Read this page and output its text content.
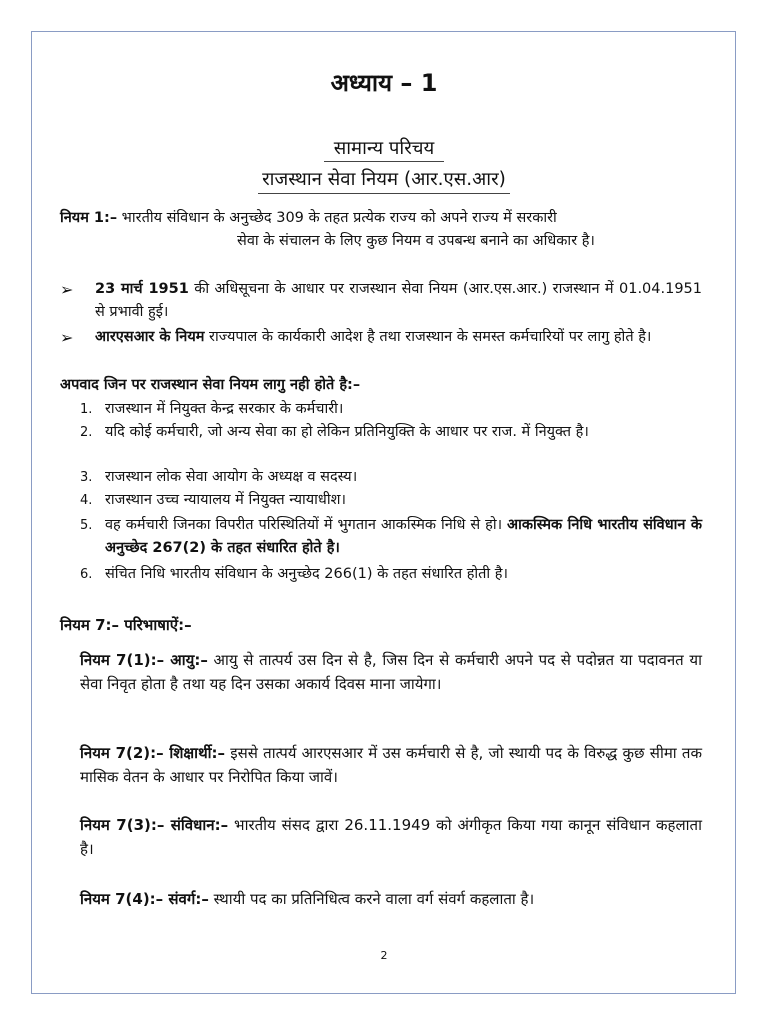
अध्याय – 1
सामान्य परिचय
राजस्थान सेवा नियम (आर.एस.आर)
नियम 1:– भारतीय संविधान के अनुच्छेद 309 के तहत प्रत्येक राज्य को अपने राज्य में सरकारी
सेवा के संचालन के लिए कुछ नियम व उपबन्ध बनाने का अधिकार है।
➢ 23 मार्च 1951 की अधिसूचना के आधार पर राजस्थान सेवा नियम (आर.एस.आर.) राजस्थान में 01.04.1951 से प्रभावी हुई।
➢ आरएसआर के नियम राज्यपाल के कार्यकारी आदेश है तथा राजस्थान के समस्त कर्मचारियों पर लागु होते है।
अपवाद जिन पर राजस्थान सेवा नियम लागु नही होते है:–
1. राजस्थान में नियुक्त केन्द्र सरकार के कर्मचारी।
2. यदि कोई कर्मचारी, जो अन्य सेवा का हो लेकिन प्रतिनियुक्ति के आधार पर राज. में नियुक्त है।
3. राजस्थान लोक सेवा आयोग के अध्यक्ष व सदस्य।
4. राजस्थान उच्च न्यायालय में नियुक्त न्यायाधीश।
5. वह कर्मचारी जिनका विपरीत परिस्थितियों में भुगतान आकस्मिक निधि से हो। आकस्मिक निधि भारतीय संविधान के अनुच्छेद 267(2) के तहत संधारित होते है।
6. संचित निधि भारतीय संविधान के अनुच्छेद 266(1) के तहत संधारित होती है।
नियम 7:– परिभाषाऐं:–
नियम 7(1):– आयु:– आयु से तात्पर्य उस दिन से है, जिस दिन से कर्मचारी अपने पद से पदोन्नत या पदावनत या सेवा निवृत होता है तथा यह दिन उसका अकार्य दिवस माना जायेगा।
नियम 7(2):– शिक्षार्थी:– इससे तात्पर्य आरएसआर में उस कर्मचारी से है, जो स्थायी पद के विरुद्ध कुछ सीमा तक मासिक वेतन के आधार पर निरोपित किया जावें।
नियम 7(3):– संविधान:– भारतीय संसद द्वारा 26.11.1949 को अंगीकृत किया गया कानून संविधान कहलाता है।
नियम 7(4):– संवर्ग:– स्थायी पद का प्रतिनिधित्व करने वाला वर्ग संवर्ग कहलाता है।
2
